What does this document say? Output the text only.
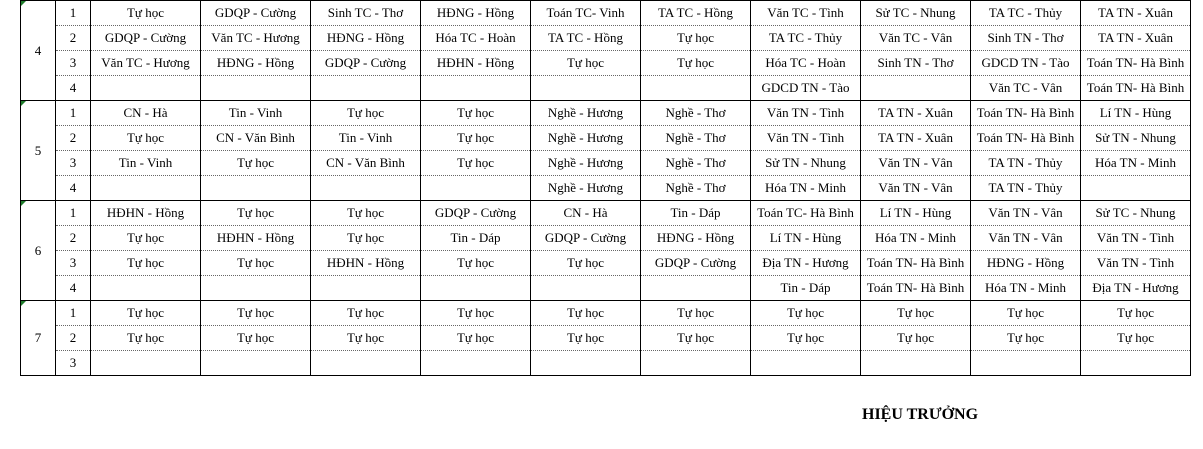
4	1	Tự học	GDQP - Cường	Sinh TC - Thơ	HĐNG - Hồng	Toán TC- Vinh	TA TC - Hồng	Văn TC - Tình	Sử TC - Nhung	TA TC - Thủy	TA TN - Xuân
	2	GDQP - Cường	Văn TC - Hương	HĐNG - Hồng	Hóa TC - Hoàn	TA TC - Hồng	Tự học	TA TC - Thủy	Văn TC - Vân	Sinh TN - Thơ	TA TN - Xuân
	3	Văn TC - Hương	HĐNG - Hồng	GDQP - Cường	HĐHN - Hồng	Tự học	Tự học	Hóa TC - Hoàn	Sinh TN - Thơ	GDCD TN - Tào	Toán TN- Hà Bình
	4							GDCD TN - Tào		Văn TC - Vân	Toán TN- Hà Bình

5	1	CN - Hà	Tin - Vinh	Tự học	Tự học	Nghề - Hương	Nghề - Thơ	Văn TN - Tình	TA TN - Xuân	Toán TN- Hà Bình	Lí TN - Hùng
	2	Tự học	CN - Văn Bình	Tin - Vinh	Tự học	Nghề - Hương	Nghề - Thơ	Văn TN - Tình	TA TN - Xuân	Toán TN- Hà Bình	Sử TN - Nhung
	3	Tin - Vinh	Tự học	CN - Văn Bình	Tự học	Nghề - Hương	Nghề - Thơ	Sử TN - Nhung	Văn TN - Vân	TA TN - Thủy	Hóa TN - Minh
	4					Nghề - Hương	Nghề - Thơ	Hóa TN - Minh	Văn TN - Vân	TA TN - Thủy	

6	1	HĐHN - Hồng	Tự học	Tự học	GDQP - Cường	CN - Hà	Tin - Dáp	Toán TC- Hà Bình	Lí TN - Hùng	Văn TN - Vân	Sử TC - Nhung
	2	Tự học	HĐHN - Hồng	Tự học	Tin - Dáp	GDQP - Cường	HĐNG - Hồng	Lí TN - Hùng	Hóa TN - Minh	Văn TN - Vân	Văn TN - Tình
	3	Tự học	Tự học	HĐHN - Hồng	Tự học	Tự học	GDQP - Cường	Địa TN - Hương	Toán TN- Hà Bình	HĐNG - Hồng	Văn TN - Tình
	4							Tin - Dáp	Toán TN- Hà Bình	Hóa TN - Minh	Địa TN - Hương

7	1	Tự học	Tự học	Tự học	Tự học	Tự học	Tự học	Tự học	Tự học	Tự học	Tự học
	2	Tự học	Tự học	Tự học	Tự học	Tự học	Tự học	Tự học	Tự học	Tự học	Tự học
	3										
HIỆU TRƯỞNG
